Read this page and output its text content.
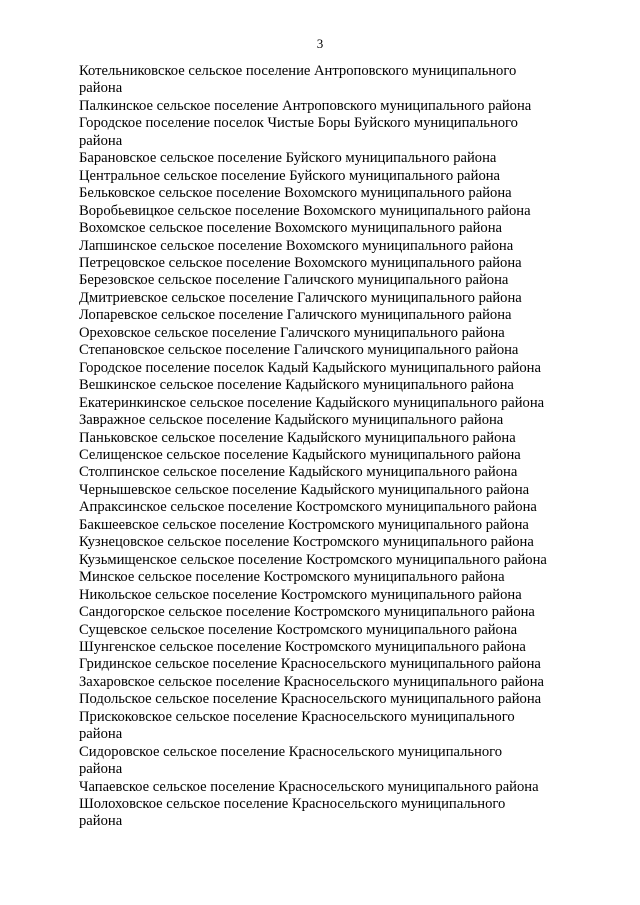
3
Котельниковское сельское поселение Антроповского муниципального
района
Палкинское сельское поселение Антроповского муниципального района
Городское поселение поселок Чистые Боры Буйского муниципального
района
Барановское сельское поселение Буйского муниципального района
Центральное сельское поселение Буйского муниципального района
Бельковское сельское поселение Вохомского муниципального района
Воробьевицкое сельское поселение Вохомского муниципального района
Вохомское сельское поселение Вохомского муниципального района
Лапшинское сельское поселение Вохомского муниципального района
Петрецовское сельское поселение Вохомского муниципального района
Березовское сельское поселение Галичского муниципального района
Дмитриевское сельское поселение Галичского муниципального района
Лопаревское сельское поселение Галичского муниципального района
Ореховское сельское поселение Галичского муниципального района
Степановское сельское поселение Галичского муниципального района
Городское поселение поселок Кадый Кадыйского муниципального района
Вешкинское сельское поселение Кадыйского муниципального района
Екатеринкинское сельское поселение Кадыйского муниципального района
Завражное сельское поселение Кадыйского муниципального района
Паньковское сельское поселение Кадыйского муниципального района
Селищенское сельское поселение Кадыйского муниципального района
Столпинское сельское поселение Кадыйского муниципального района
Чернышевское сельское поселение Кадыйского муниципального района
Апраксинское сельское поселение Костромского муниципального района
Бакшеевское сельское поселение Костромского муниципального района
Кузнецовское сельское поселение Костромского муниципального района
Кузьмищенское сельское поселение Костромского муниципального района
Минское сельское поселение Костромского муниципального района
Никольское сельское поселение Костромского муниципального района
Сандогорское сельское поселение Костромского муниципального района
Сущевское сельское поселение Костромского муниципального района
Шунгенское сельское поселение Костромского муниципального района
Гридинское сельское поселение Красносельского муниципального района
Захаровское сельское поселение Красносельского муниципального района
Подольское сельское поселение Красносельского муниципального района
Прискоковское сельское поселение Красносельского муниципального
района
Сидоровское сельское поселение Красносельского муниципального
района
Чапаевское сельское поселение Красносельского муниципального района
Шолоховское сельское поселение Красносельского муниципального
района
